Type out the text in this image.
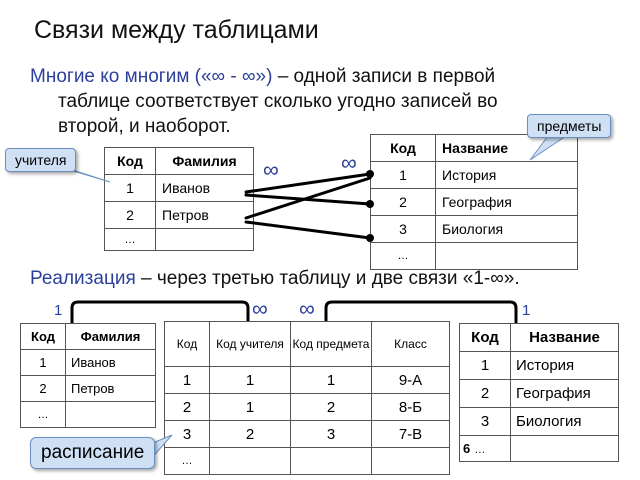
Связи между таблицами
Многие ко многим («∞ - ∞») – одной записи в первой
таблице соответствует сколько угодно записей во
второй, и наоборот.
Код	Фамилия
1	Иванов
2	Петров
…	
Код	Название
1	История
2	География
3	Биология
…	
Реализация – через третью таблицу и две связи «1-∞».
Код	Фамилия
1	Иванов
2	Петров
…	
Код	Код учителя	Код предмета	Класс
1	1	1	9-А
2	1	2	8-Б
3	2	3	7-В
…			
Код	Название
1	История
2	География
3	Биология
6 …	
∞	∞
∞ ∞
1	1
учителя
предметы
расписание
